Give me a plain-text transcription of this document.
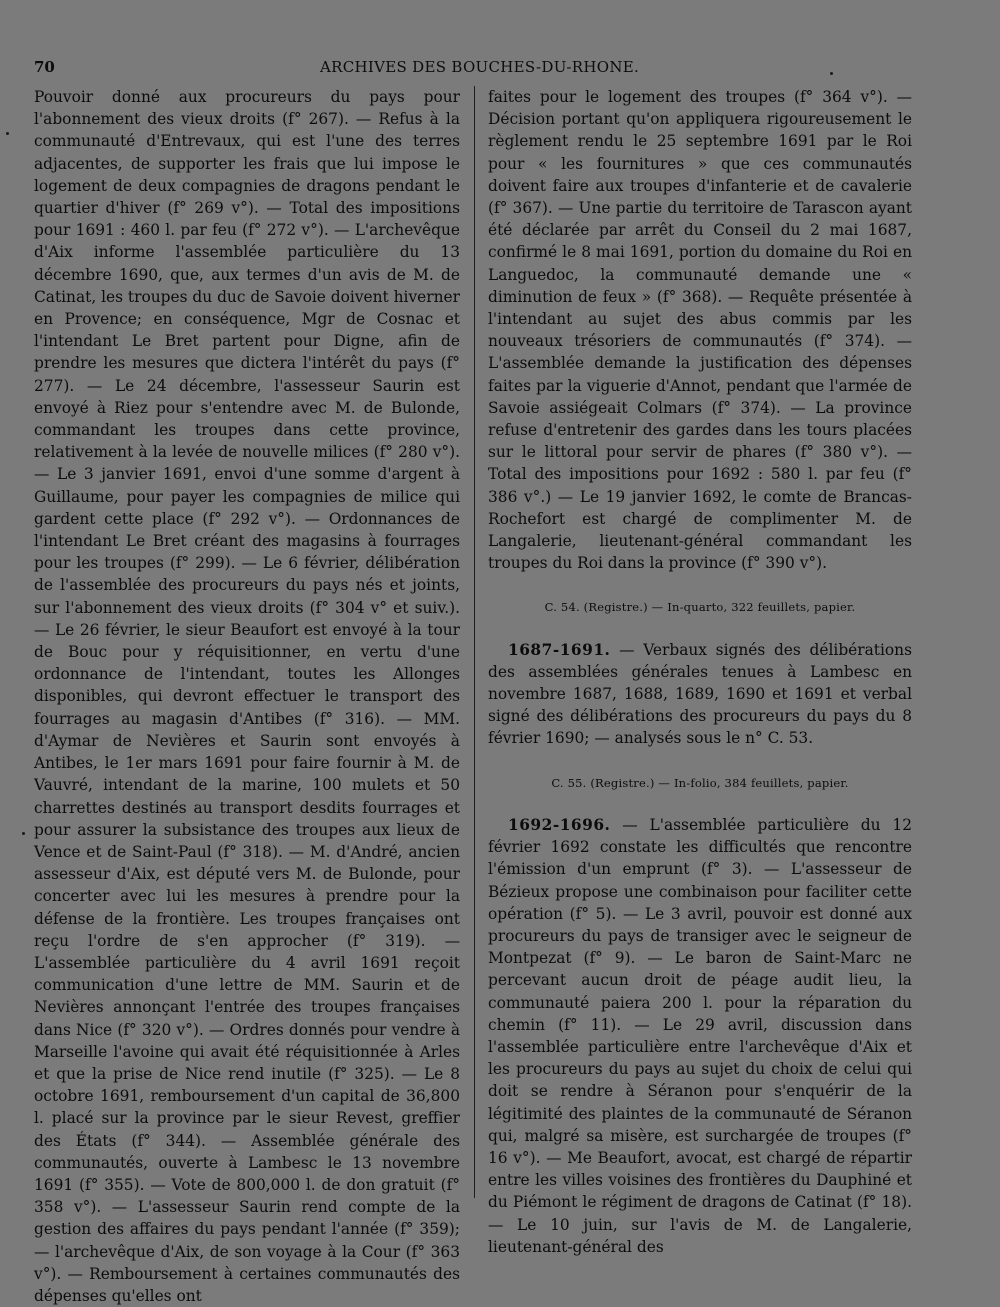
70	ARCHIVES DES BOUCHES-DU-RHONE.

Pouvoir donné aux procureurs du pays pour l'abonnement des vieux droits (f° 267). — Refus à la communauté d'Entrevaux, qui est l'une des terres adjacentes, de supporter les frais que lui impose le logement de deux compagnies de dragons pendant le quartier d'hiver (f° 269 v°). — Total des impositions pour 1691 : 460 l. par feu (f° 272 v°). — L'archevêque d'Aix informe l'assemblée particulière du 13 décembre 1690, que, aux termes d'un avis de M. de Catinat, les troupes du duc de Savoie doivent hiverner en Provence; en conséquence, Mgr de Cosnac et l'intendant Le Bret partent pour Digne, afin de prendre les mesures que dictera l'intérêt du pays (f° 277). — Le 24 décembre, l'assesseur Saurin est envoyé à Riez pour s'entendre avec M. de Bulonde, commandant les troupes dans cette province, relativement à la levée de nouvelle milices (f° 280 v°). — Le 3 janvier 1691, envoi d'une somme d'argent à Guillaume, pour payer les compagnies de milice qui gardent cette place (f° 292 v°). — Ordonnances de l'intendant Le Bret créant des magasins à fourrages pour les troupes (f° 299). — Le 6 février, délibération de l'assemblée des procureurs du pays nés et joints, sur l'abonnement des vieux droits (f° 304 v° et suiv.). — Le 26 février, le sieur Beaufort est envoyé à la tour de Bouc pour y réquisitionner, en vertu d'une ordonnance de l'intendant, toutes les Allonges disponibles, qui devront effectuer le transport des fourrages au magasin d'Antibes (f° 316). — MM. d'Aymar de Nevières et Saurin sont envoyés à Antibes, le 1er mars 1691 pour faire fournir à M. de Vauvré, intendant de la marine, 100 mulets et 50 charrettes destinés au transport desdits fourrages et pour assurer la subsistance des troupes aux lieux de Vence et de Saint-Paul (f° 318). — M. d'André, ancien assesseur d'Aix, est député vers M. de Bulonde, pour concerter avec lui les mesures à prendre pour la défense de la frontière. Les troupes françaises ont reçu l'ordre de s'en approcher (f° 319). — L'assemblée particulière du 4 avril 1691 reçoit communication d'une lettre de MM. Saurin et de Nevières annonçant l'entrée des troupes françaises dans Nice (f° 320 v°). — Ordres donnés pour vendre à Marseille l'avoine qui avait été réquisitionnée à Arles et que la prise de Nice rend inutile (f° 325). — Le 8 octobre 1691, remboursement d'un capital de 36,800 l. placé sur la province par le sieur Revest, greffier des États (f° 344). — Assemblée générale des communautés, ouverte à Lambesc le 13 novembre 1691 (f° 355). — Vote de 800,000 l. de don gratuit (f° 358 v°). — L'assesseur Saurin rend compte de la gestion des affaires du pays pendant l'année (f° 359); — l'archevêque d'Aix, de son voyage à la Cour (f° 363 v°). — Remboursement à certaines communautés des dépenses qu'elles ont

faites pour le logement des troupes (f° 364 v°). — Décision portant qu'on appliquera rigoureusement le règlement rendu le 25 septembre 1691 par le Roi pour « les fournitures » que ces communautés doivent faire aux troupes d'infanterie et de cavalerie (f° 367). — Une partie du territoire de Tarascon ayant été déclarée par arrêt du Conseil du 2 mai 1687, confirmé le 8 mai 1691, portion du domaine du Roi en Languedoc, la communauté demande une « diminution de feux » (f° 368). — Requête présentée à l'intendant au sujet des abus commis par les nouveaux trésoriers de communautés (f° 374). — L'assemblée demande la justification des dépenses faites par la viguerie d'Annot, pendant que l'armée de Savoie assiégeait Colmars (f° 374). — La province refuse d'entretenir des gardes dans les tours placées sur le littoral pour servir de phares (f° 380 v°). — Total des impositions pour 1692 : 580 l. par feu (f° 386 v°.) — Le 19 janvier 1692, le comte de Brancas-Rochefort est chargé de complimenter M. de Langalerie, lieutenant-général commandant les troupes du Roi dans la province (f° 390 v°).

C. 54. (Registre.) — In-quarto, 322 feuillets, papier.

1687-1691. — Verbaux signés des délibérations des assemblées générales tenues à Lambesc en novembre 1687, 1688, 1689, 1690 et 1691 et verbal signé des délibérations des procureurs du pays du 8 février 1690; — analysés sous le n° C. 53.

C. 55. (Registre.) — In-folio, 384 feuillets, papier.

1692-1696. — L'assemblée particulière du 12 février 1692 constate les difficultés que rencontre l'émission d'un emprunt (f° 3). — L'assesseur de Bézieux propose une combinaison pour faciliter cette opération (f° 5). — Le 3 avril, pouvoir est donné aux procureurs du pays de transiger avec le seigneur de Montpezat (f° 9). — Le baron de Saint-Marc ne percevant aucun droit de péage audit lieu, la communauté paiera 200 l. pour la réparation du chemin (f° 11). — Le 29 avril, discussion dans l'assemblée particulière entre l'archevêque d'Aix et les procureurs du pays au sujet du choix de celui qui doit se rendre à Séranon pour s'enquérir de la légitimité des plaintes de la communauté de Séranon qui, malgré sa misère, est surchargée de troupes (f° 16 v°). — Me Beaufort, avocat, est chargé de répartir entre les villes voisines des frontières du Dauphiné et du Piémont le régiment de dragons de Catinat (f° 18). — Le 10 juin, sur l'avis de M. de Langalerie, lieutenant-général des
